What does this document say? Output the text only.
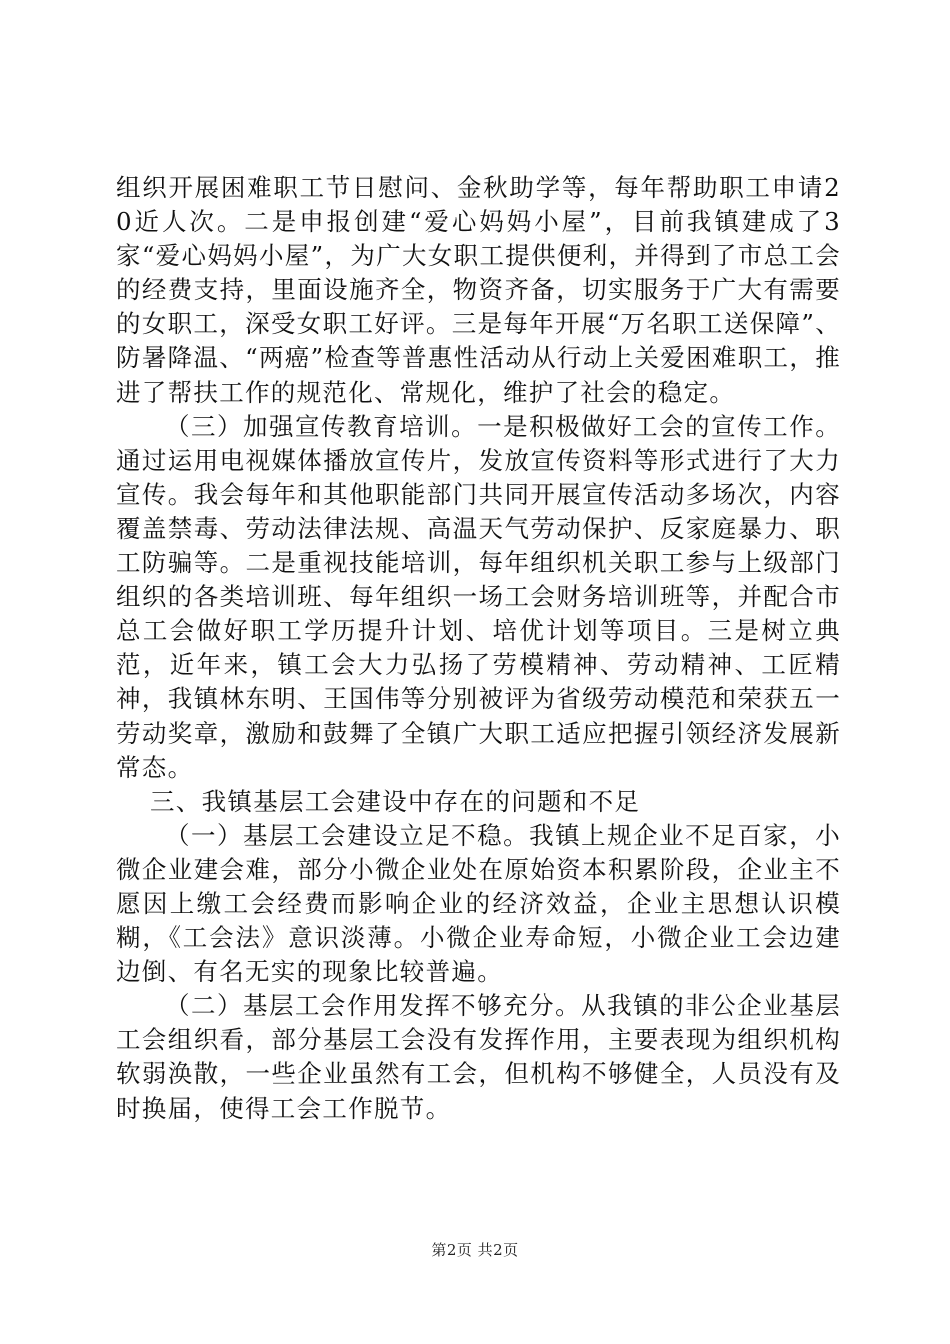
组织开展困难职工节日慰问、金秋助学等，每年帮助职工申请20近人次。二是申报创建“爱心妈妈小屋”，目前我镇建成了3家“爱心妈妈小屋”，为广大女职工提供便利，并得到了市总工会的经费支持，里面设施齐全，物资齐备，切实服务于广大有需要的女职工，深受女职工好评。三是每年开展“万名职工送保障”、防暑降温、“两癌”检查等普惠性活动从行动上关爱困难职工，推进了帮扶工作的规范化、常规化，维护了社会的稳定。

（三）加强宣传教育培训。一是积极做好工会的宣传工作。通过运用电视媒体播放宣传片，发放宣传资料等形式进行了大力宣传。我会每年和其他职能部门共同开展宣传活动多场次，内容覆盖禁毒、劳动法律法规、高温天气劳动保护、反家庭暴力、职工防骗等。二是重视技能培训，每年组织机关职工参与上级部门组织的各类培训班、每年组织一场工会财务培训班等，并配合市总工会做好职工学历提升计划、培优计划等项目。三是树立典范，近年来，镇工会大力弘扬了劳模精神、劳动精神、工匠精神，我镇林东明、王国伟等分别被评为省级劳动模范和荣获五一劳动奖章，激励和鼓舞了全镇广大职工适应把握引领经济发展新常态。

三、我镇基层工会建设中存在的问题和不足

（一）基层工会建设立足不稳。我镇上规企业不足百家，小微企业建会难，部分小微企业处在原始资本积累阶段，企业主不愿因上缴工会经费而影响企业的经济效益，企业主思想认识模糊，《工会法》意识淡薄。小微企业寿命短，小微企业工会边建边倒、有名无实的现象比较普遍。

（二）基层工会作用发挥不够充分。从我镇的非公企业基层工会组织看，部分基层工会没有发挥作用，主要表现为组织机构软弱涣散，一些企业虽然有工会，但机构不够健全，人员没有及时换届，使得工会工作脱节。

第2页 共2页
